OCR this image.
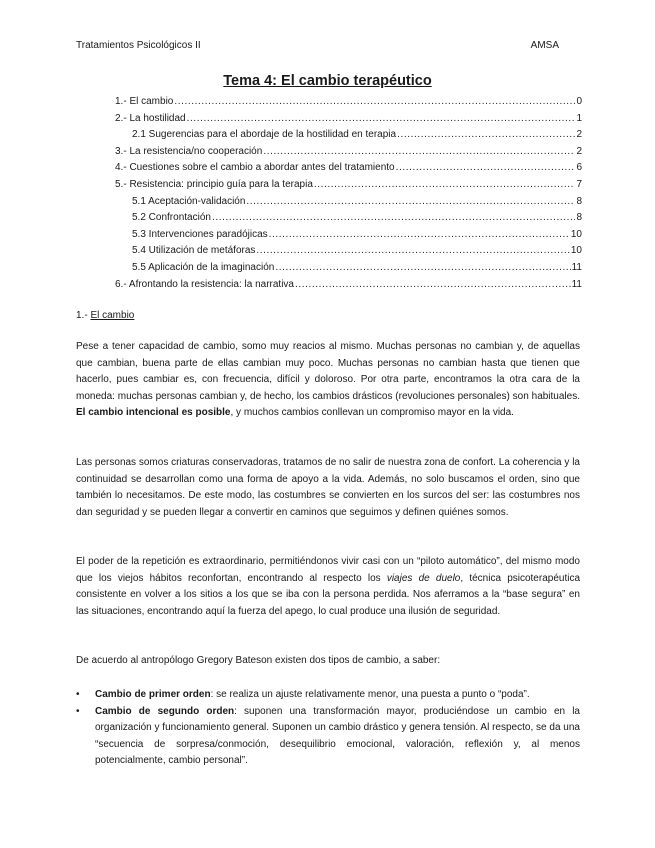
Tratamientos Psicológicos II	AMSA
Tema 4: El cambio terapéutico
1.- El cambio .....	0
2.- La hostilidad .....	1
2.1 Sugerencias para el abordaje de la hostilidad en terapia .....	2
3.- La resistencia/no cooperación .....	2
4.- Cuestiones sobre el cambio a abordar antes del tratamiento .....	6
5.- Resistencia: principio guía para la terapia .....	7
5.1 Aceptación-validación .....	8
5.2 Confrontación .....	8
5.3 Intervenciones paradójicas .....	10
5.4 Utilización de metáforas .....	10
5.5 Aplicación de la imaginación .....	11
6.- Afrontando la resistencia: la narrativa .....	11
1.- El cambio

Pese a tener capacidad de cambio, somo muy reacios al mismo. Muchas personas no cambian y, de aquellas que cambian, buena parte de ellas cambian muy poco. Muchas personas no cambian hasta que tienen que hacerlo, pues cambiar es, con frecuencia, difícil y doloroso. Por otra parte, encontramos la otra cara de la moneda: muchas personas cambian y, de hecho, los cambios drásticos (revoluciones personales) son habituales. El cambio intencional es posible, y muchos cambios conllevan un compromiso mayor en la vida.

Las personas somos criaturas conservadoras, tratamos de no salir de nuestra zona de confort. La coherencia y la continuidad se desarrollan como una forma de apoyo a la vida. Además, no solo buscamos el orden, sino que también lo necesitamos. De este modo, las costumbres se convierten en los surcos del ser: las costumbres nos dan seguridad y se pueden llegar a convertir en caminos que seguimos y definen quiénes somos.

El poder de la repetición es extraordinario, permitiéndonos vivir casi con un “piloto automático”, del mismo modo que los viejos hábitos reconfortan, encontrando al respecto los viajes de duelo, técnica psicoterapéutica consistente en volver a los sitios a los que se iba con la persona perdida. Nos aferramos a la “base segura” en las situaciones, encontrando aquí la fuerza del apego, lo cual produce una ilusión de seguridad.

De acuerdo al antropólogo Gregory Bateson existen dos tipos de cambio, a saber:

• Cambio de primer orden: se realiza un ajuste relativamente menor, una puesta a punto o “poda”.
• Cambio de segundo orden: suponen una transformación mayor, produciéndose un cambio en la organización y funcionamiento general. Suponen un cambio drástico y genera tensión. Al respecto, se da una “secuencia de sorpresa/conmoción, desequilibrio emocional, valoración, reflexión y, al menos potencialmente, cambio personal”.
